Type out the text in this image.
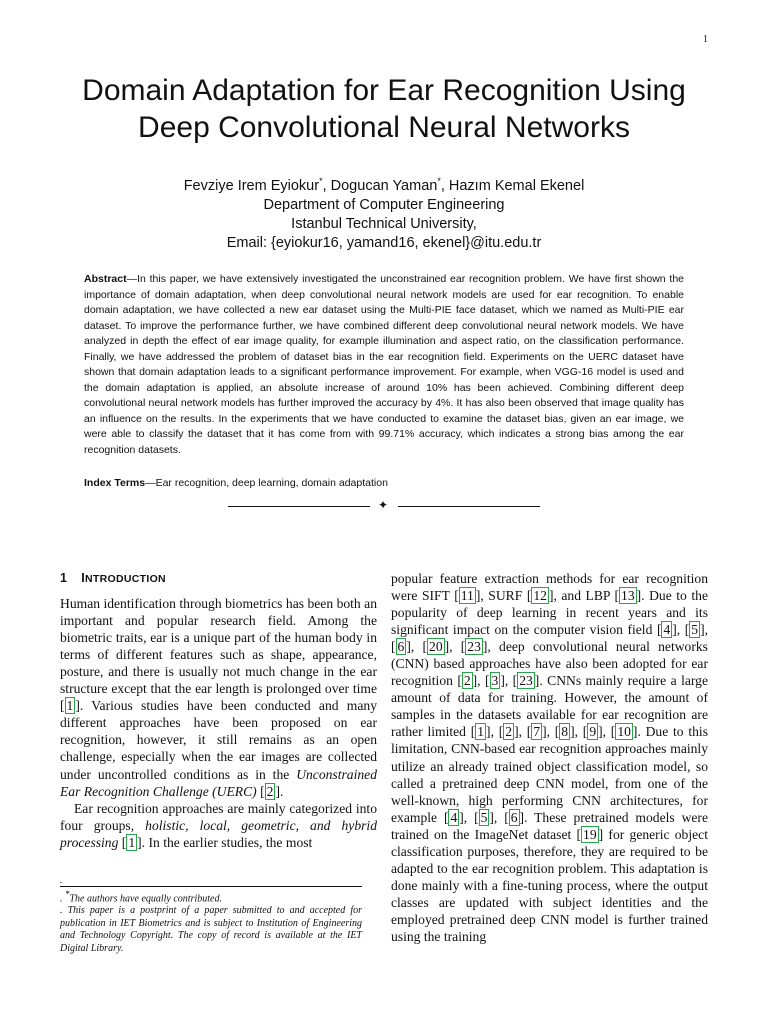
1
Domain Adaptation for Ear Recognition Using
Deep Convolutional Neural Networks
Fevziye Irem Eyiokur*, Dogucan Yaman*, Hazım Kemal Ekenel
Department of Computer Engineering
Istanbul Technical University,
Email: {eyiokur16, yamand16, ekenel}@itu.edu.tr

Abstract—In this paper, we have extensively investigated the unconstrained ear recognition problem. We have first shown the importance of domain adaptation, when deep convolutional neural network models are used for ear recognition. To enable domain adaptation, we have collected a new ear dataset using the Multi-PIE face dataset, which we named as Multi-PIE ear dataset. To improve the performance further, we have combined different deep convolutional neural network models. We have analyzed in depth the effect of ear image quality, for example illumination and aspect ratio, on the classification performance. Finally, we have addressed the problem of dataset bias in the ear recognition field. Experiments on the UERC dataset have shown that domain adaptation leads to a significant performance improvement. For example, when VGG-16 model is used and the domain adaptation is applied, an absolute increase of around 10% has been achieved. Combining different deep convolutional neural network models has further improved the accuracy by 4%. It has also been observed that image quality has an influence on the results. In the experiments that we have conducted to examine the dataset bias, given an ear image, we were able to classify the dataset that it has come from with 99.71% accuracy, which indicates a strong bias among the ear recognition datasets.

Index Terms—Ear recognition, deep learning, domain adaptation

✦
1 INTRODUCTION

Human identification through biometrics has been both an important and popular research field. Among the biometric traits, ear is a unique part of the human body in terms of different features such as shape, appearance, posture, and there is usually not much change in the ear structure except that the ear length is prolonged over time [ 1 ]. Various studies have been conducted and many different approaches have been proposed on ear recognition, however, it still remains as an open challenge, especially when the ear images are collected under uncontrolled conditions as in the Unconstrained Ear Recognition Challenge (UERC) [ 2 ].

Ear recognition approaches are mainly categorized into four groups, holistic, local, geometric, and hybrid processing [ 1 ]. In the earlier studies, the most

.

. *The authors have equally contributed.

. This paper is a postprint of a paper submitted to and accepted for publication in IET Biometrics and is subject to Institution of Engineering and Technology Copyright. The copy of record is available at the IET Digital Library.

popular feature extraction methods for ear recognition were SIFT [ 11 ], SURF [ 12 ], and LBP [ 13 ]. Due to the popularity of deep learning in recent years and its significant impact on the computer vision field [ 4 ], [ 5 ], [ 6 ], [ 20 ], [ 23 ], deep convolutional neural networks (CNN) based approaches have also been adopted for ear recognition [ 2 ], [ 3 ], [ 23 ]. CNNs mainly require a large amount of data for training. However, the amount of samples in the datasets available for ear recognition are rather limited [ 1 ], [ 2 ], [ 7 ], [ 8 ], [ 9 ], [ 10 ]. Due to this limitation, CNN-based ear recognition approaches mainly utilize an already trained object classification model, so called a pretrained deep CNN model, from one of the well-known, high performing CNN architectures, for example [ 4 ], [ 5 ], [ 6 ]. These pretrained models were trained on the ImageNet dataset [ 19 ] for generic object classification purposes, therefore, they are required to be adapted to the ear recognition problem. This adaptation is done mainly with a fine-tuning process, where the output classes are updated with subject identities and the employed pretrained deep CNN model is further trained using the training
